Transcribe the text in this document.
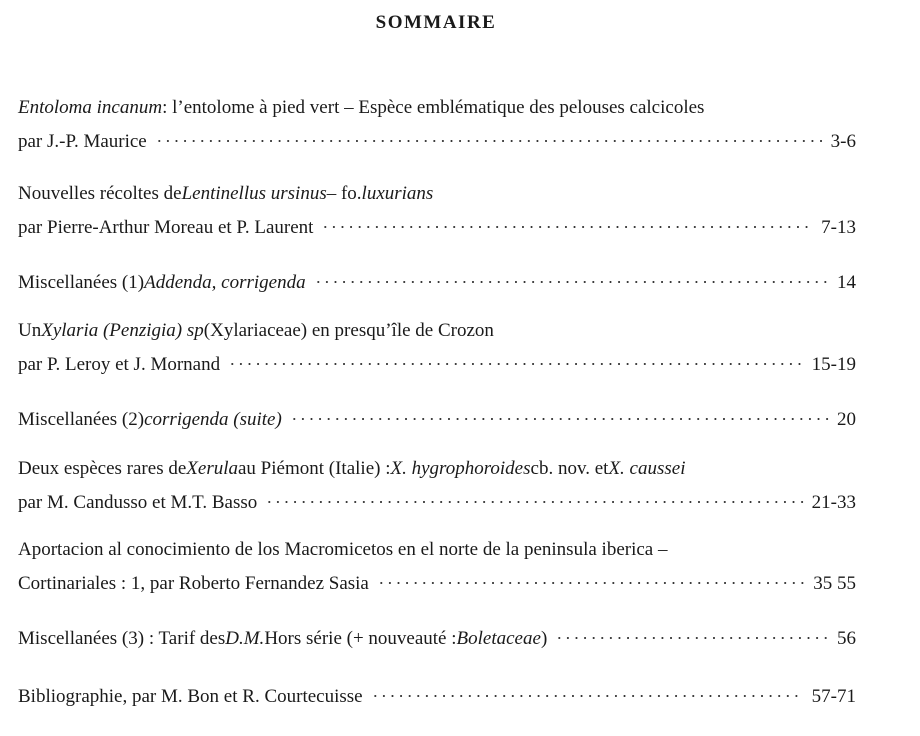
SOMMAIRE
Entoloma incanum : l’entolome à pied vert – Espèce emblématique des pelouses calcicoles
par J.-P. Maurice	3-6
Nouvelles récoltes de Lentinellus ursinus – fo. luxurians
par Pierre-Arthur Moreau et P. Laurent	7-13
Miscellanées (1) Addenda, corrigenda	14
Un Xylaria (Penzigia) sp (Xylariaceae) en presqu’île de Crozon
par P. Leroy et J. Mornand	15-19
Miscellanées (2) corrigenda (suite)	20
Deux espèces rares de Xerula au Piémont (Italie) : X. hygrophoroides cb. nov. et X. caussei
par M. Candusso et M.T. Basso	21-33
Aportacion al conocimiento de los Macromicetos en el norte de la peninsula iberica –
Cortinariales : 1, par Roberto Fernandez Sasia	35 55
Miscellanées (3) : Tarif des D.M. Hors série (+ nouveauté : Boletaceae )	56
Bibliographie, par M. Bon et R. Courtecuisse	57-71
